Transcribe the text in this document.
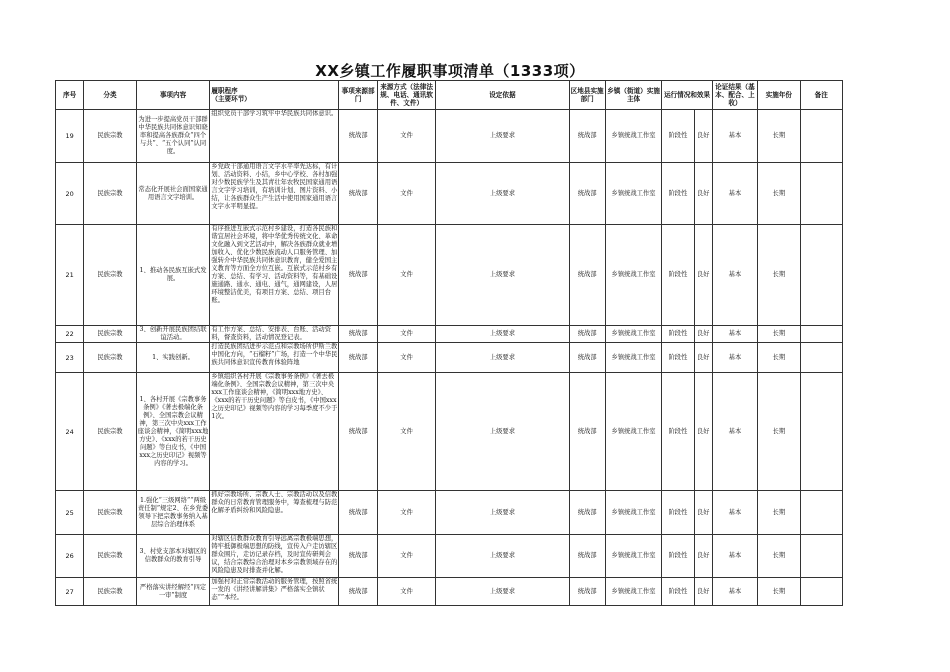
XX乡镇工作履职事项清单（1333项）
序号	分类	事项内容	履职程序
（主要环节）	事项来源部门	来源方式（法律法规、电话、通讯软件、文件）	设定依据	区地县实施部门	乡镇（街道）实施主体	运行情况和效果		论证结果（基本、配合、上收）	实施年份	备注
19	民族宗教	为进一步提高党员干部群中华民族共同体意识知晓率和提高各族群众“四个与共”、“五个认同”认同度。	组织党员干部学习筑牢中华民族共同体意识。	统战部	文件	上级要求	统战部	乡镇统战工作室	阶段性	良好	基本	长期	
20	民族宗教	常态化开展社会面国家通用语言文字培训。	乡党政干部通用语言文字水平率先达标，有计划、活动资料、小结，乡中心学校、各村加强对少数民族学生及其青壮年农牧民国家通用语言文字学习培训，有培训计划、图片资料、小结，让各族群众生产生活中使用国家通用语言文字水平明显提。	统战部	文件	上级要求	统战部	乡镇统战工作室	阶段性	良好	基本	长期	
21	民族宗教	1、推动各民族互嵌式发展。	有序推进互嵌式示范村乡建设，打造各民族和谐宜居社会环境，将中华优秀传统文化、革命文化融入到文艺活动中，解决各族群众就业增加收入、优化少数民族流动人口服务管理、加强转介中华民族共同体意识教育，健全爱国主义教育等方面全方位互嵌。互嵌式示范村乡有方案、总结、有学习、活动资料等，有基础设施通路、通水、通电、通气，通网建设，人居环境整洁优美，有项目方案、总结、项目台账。	统战部	文件	上级要求	统战部	乡镇统战工作室	阶段性	良好	基本	长期	
22	民族宗教	3、创新开展民族团结联谊活动。	有工作方案、总结、安排表、台账、活动资料，督查资料，活动情况登记表。	统战部	文件	上级要求	统战部	乡镇统战工作室	阶段性	良好	基本	长期	
23	民族宗教	1、实践创新。	打造民族团结进步示范点和宗教场所伊斯兰教中国化方向，“石榴籽”广场，打造一个中华民族共同体意识宣传教育体验阵地	统战部	文件	上级要求	统战部	乡镇统战工作室	阶段性	良好	基本	长期	
24	民族宗教	1、各村开展《宗教事务条例》《著去极端化条例》、全国宗教会议精神，第三次中央xxx工作座谈会精神，《简明xxx地方史》、《xxx的若干历史问题》等白皮书，《中国xxx之历史印记》视频等内容的学习。	乡镇组织各村开展《宗教事务条例》《著去极端化条例》、全国宗教会议精神，第三次中央xxx工作座谈会精神，《简明xxx地方史》、《xxx的若干历史问题》等白皮书，《中国xxx之历史印记》视频等内容的学习每季度不少于1次。	统战部	文件	上级要求	统战部	乡镇统战工作室	阶段性	良好	基本	长期	
25	民族宗教	1.强化“三级网络”“两级责任制”规定2、在乡党委领导下把宗教事务纳入基层综合治理体系	抓好宗教场所、宗教人士、宗教活动以及信教群众的日常教育管理服务中，筹查梳理与防范化解矛盾纠纷和风险隐患。	统战部	文件	上级要求	统战部	乡镇统战工作室	阶段性	良好	基本	长期	
26	民族宗教	3、村党支部本对辖区的信教群众的教育引导	对辖区信教群众教育引导远离宗教极端思想，铸牢抵御极端思想的防线，宣传入户走访辖区群众围片，走访记录存档，及时宣传研判会议，结合宗教综合治理对本乡宗教领域存在的风险隐患及时排查并化解。	统战部	文件	上级要求	统战部	乡镇统战工作室	阶段性	良好	基本	长期	
27	民族宗教	严格落实讲经解经“四定一审”制度	加强村对正常宗教活动的服务管理，按照省统一发的《讲经讲解讲集》严格落实全镇状态“”本经。	统战部	文件	上级要求	统战部	乡镇统战工作室	阶段性	良好	基本	长期	
